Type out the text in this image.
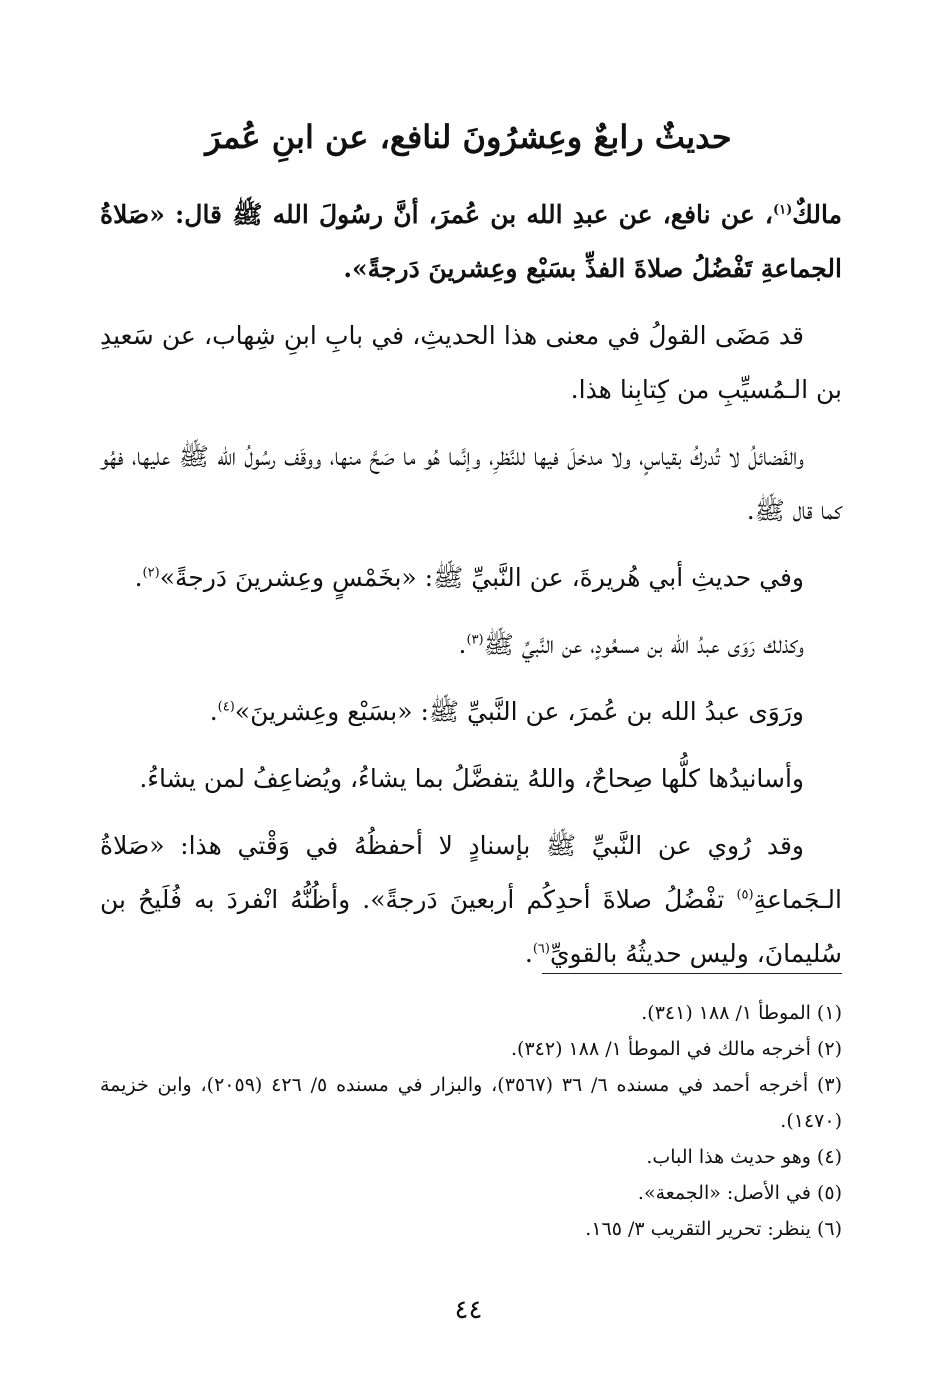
حديثٌ رابعٌ وعِشرُونَ لنافع، عن ابنِ عُمرَ

مالكٌ$^{(١)}$، عن نافع، عن عبدِ الله بن عُمرَ، أنَّ رسُولَ الله ﷺ قال: «صَلاةُ الجماعةِ تَفْضُلُ صلاةَ الفذِّ بسَبْع وعِشرينَ دَرجةً».

قد مَضَى القولُ في معنى هذا الحديثِ، في بابِ ابنِ شِهاب، عن سَعيدِ بن الـمُسيِّبِ من كِتابِنا هذا.

والفَضائلُ لا تُدركُ بقياسٍ، ولا مدخلَ فيها للنَّظرِ، وإنَّما هُو ما صَحَّ منها، ووقَف رسُولُ الله ﷺ عليها، فهُو كما قال ﷺ.

وفي حديثِ أبي هُريرةَ، عن النَّبيِّ ﷺ: «بخَمْسٍ وعِشرينَ دَرجةً»$^{(٢)}$.

وكذلك رَوَى عبدُ الله بن مسعُودٍ، عن النَّبيِّ ﷺ$^{(٣)}$.

ورَوَى عبدُ الله بن عُمرَ، عن النَّبيِّ ﷺ: «بسَبْع وعِشرينَ»$^{(٤)}$.

وأسانيدُها كلُّها صِحاحٌ، واللهُ يتفضَّلُ بما يشاءُ، ويُضاعِفُ لمن يشاءُ.

وقد رُوي عن النَّبيِّ ﷺ بإسنادٍ لا أحفظُهُ في وَقْتي هذا: «صَلاةُ الـجَماعةِ$^{(٥)}$ تفْضُلُ صلاةَ أحدِكُم أربعينَ دَرجةً». وأظُنُّهُ انْفردَ به فُلَيحُ بن سُليمانَ، وليس حديثُهُ بالقويِّ$^{(٦)}$.

(١) الموطأ ١/ ١٨٨ (٣٤١).
(٢) أخرجه مالك في الموطأ ١/ ١٨٨ (٣٤٢).
(٣) أخرجه أحمد في مسنده ٦/ ٣٦ (٣٥٦٧)، والبزار في مسنده ٥/ ٤٢٦ (٢٠٥٩)، وابن خزيمة (١٤٧٠).
(٤) وهو حديث هذا الباب.
(٥) في الأصل: «الجمعة».
(٦) ينظر: تحرير التقريب ٣/ ١٦٥.
٤٤
